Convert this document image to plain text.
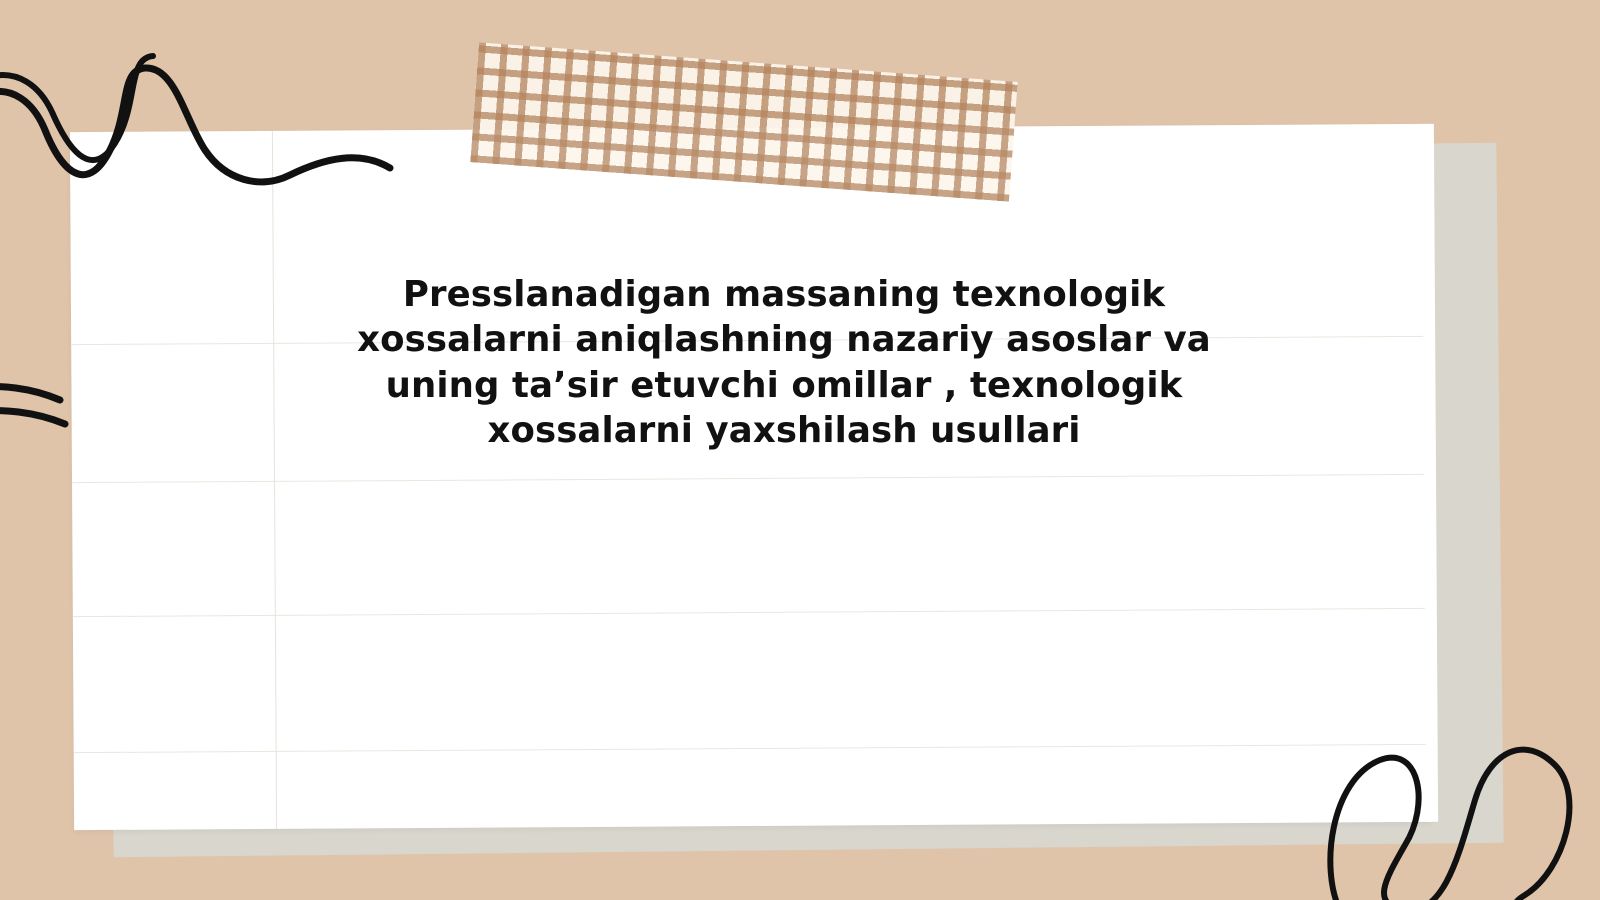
Presslanadigan massaning texnologik xossalarni aniqlashning nazariy asoslar va uning ta’sir etuvchi omillar , texnologik xossalarni yaxshilash usullari
